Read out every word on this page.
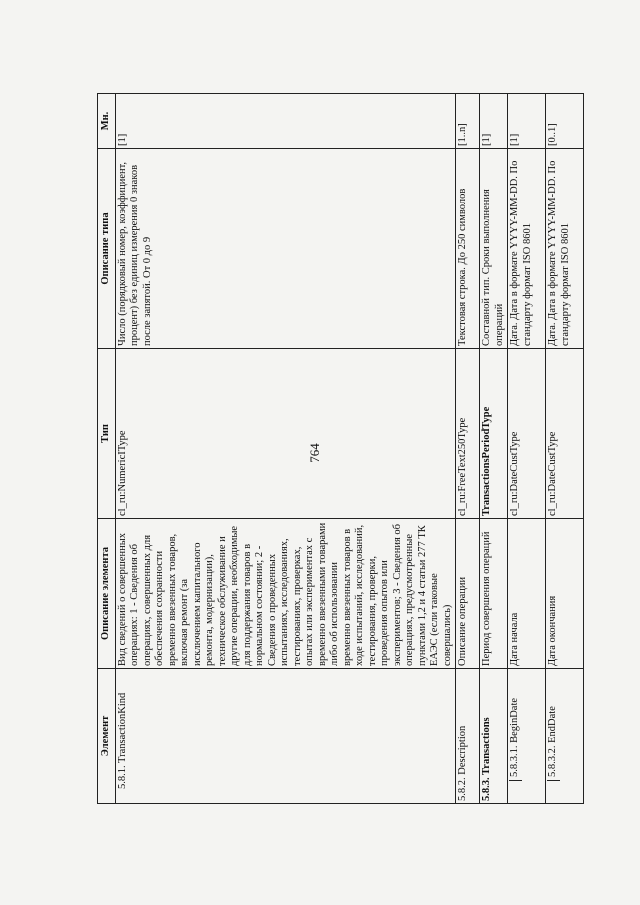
764
Элемент	Описание элемента	Тип	Описание типа	Мн.
5.8.1. TransactionKind	Вид сведений о совершенных операциях: 1 - Сведения об операциях, совершенных для обеспечения сохранности временно ввезенных товаров, включая ремонт (за исключением капитального ремонта, модернизации), техническое обслуживание и другие операции, необходимые для поддержания товаров в нормальном состоянии; 2 - Сведения о проведенных испытаниях, исследованиях, тестированиях, проверках, опытах или экспериментах с временно ввезенными товарами либо об использовании временно ввезенных товаров в ходе испытаний, исследований, тестирования, проверки, проведения опытов или экспериментов; 3 - Сведения об операциях, предусмотренные пунктами 1,2 и 4 статьи 277 ТК ЕАЭС (если таковые совершались)	cl_ru:NumericIType	Число (порядковый номер, коэффициент, процент) без единиц измерения 0 знаков после запятой. От 0 до 9	[1]
5.8.2. Description	Описание операции	cl_ru:FreeText250Type	Текстовая строка. До 250 символов	[1..n]
5.8.3. Transactions	Период совершения операций	TransactionsPeriodType	Составной тип. Сроки выполнения операций	[1]

5.8.3.1. BeginDate	Дата начала	cl_ru:DateCustType	Дата. Дата в формате YYYY-MM-DD. По стандарту формат ISO 8601	[1]

5.8.3.2. EndDate	Дата окончания	cl_ru:DateCustType	Дата. Дата в формате YYYY-MM-DD. По стандарту формат ISO 8601	[0..1]
